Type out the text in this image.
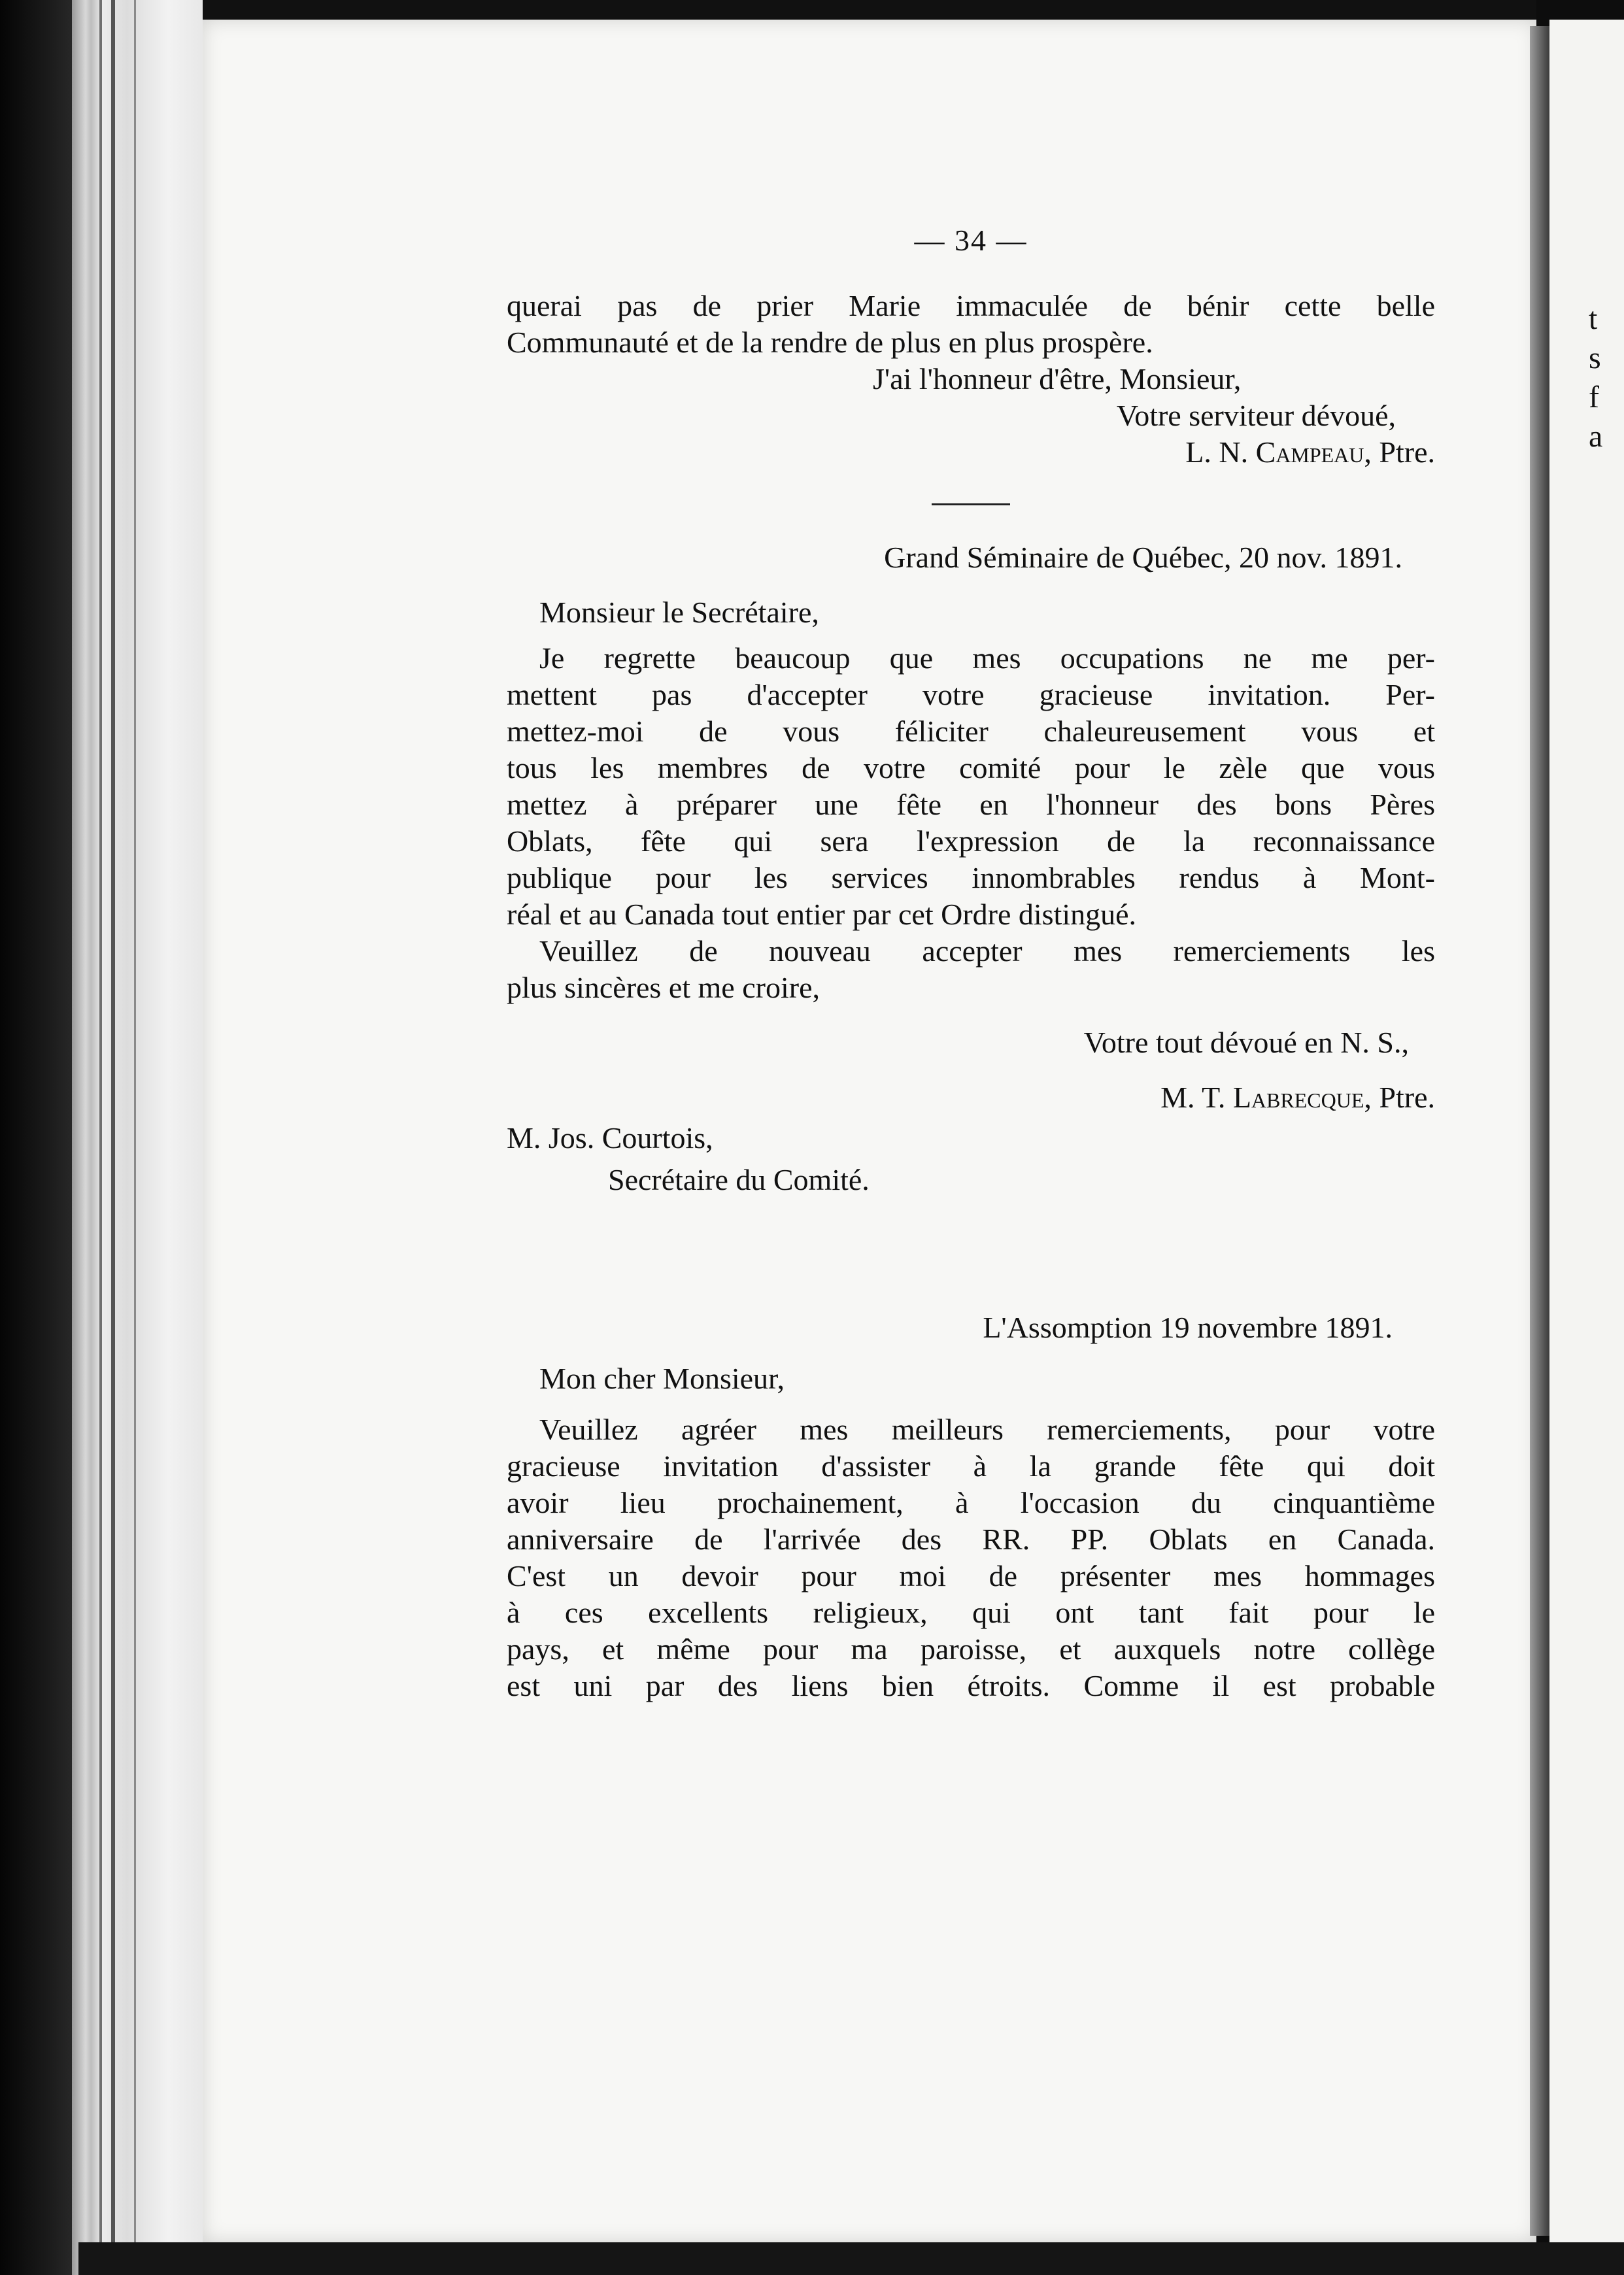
t
s
f
a
— 34 —
querai pas de prier Marie immaculée de bénir cette belle
Communauté et de la rendre de plus en plus prospère.
J'ai l'honneur d'être, Monsieur,
Votre serviteur dévoué,
L. N. Campeau, Ptre.
Grand Séminaire de Québec, 20 nov. 1891.
Monsieur le Secrétaire,
Je regrette beaucoup que mes occupations ne me per-
mettent pas d'accepter votre gracieuse invitation. Per-
mettez-moi de vous féliciter chaleureusement vous et
tous les membres de votre comité pour le zèle que vous
mettez à préparer une fête en l'honneur des bons Pères
Oblats, fête qui sera l'expression de la reconnaissance
publique pour les services innombrables rendus à Mont-
réal et au Canada tout entier par cet Ordre distingué.
Veuillez de nouveau accepter mes remerciements les
plus sincères et me croire,
Votre tout dévoué en N. S.,
M. T. Labrecque, Ptre.
M. Jos. Courtois,
Secrétaire du Comité.
L'Assomption 19 novembre 1891.
Mon cher Monsieur,
Veuillez agréer mes meilleurs remerciements, pour votre
gracieuse invitation d'assister à la grande fête qui doit
avoir lieu prochainement, à l'occasion du cinquantième
anniversaire de l'arrivée des RR. PP. Oblats en Canada.
C'est un devoir pour moi de présenter mes hommages
à ces excellents religieux, qui ont tant fait pour le
pays, et même pour ma paroisse, et auxquels notre collège
est uni par des liens bien étroits. Comme il est probable
